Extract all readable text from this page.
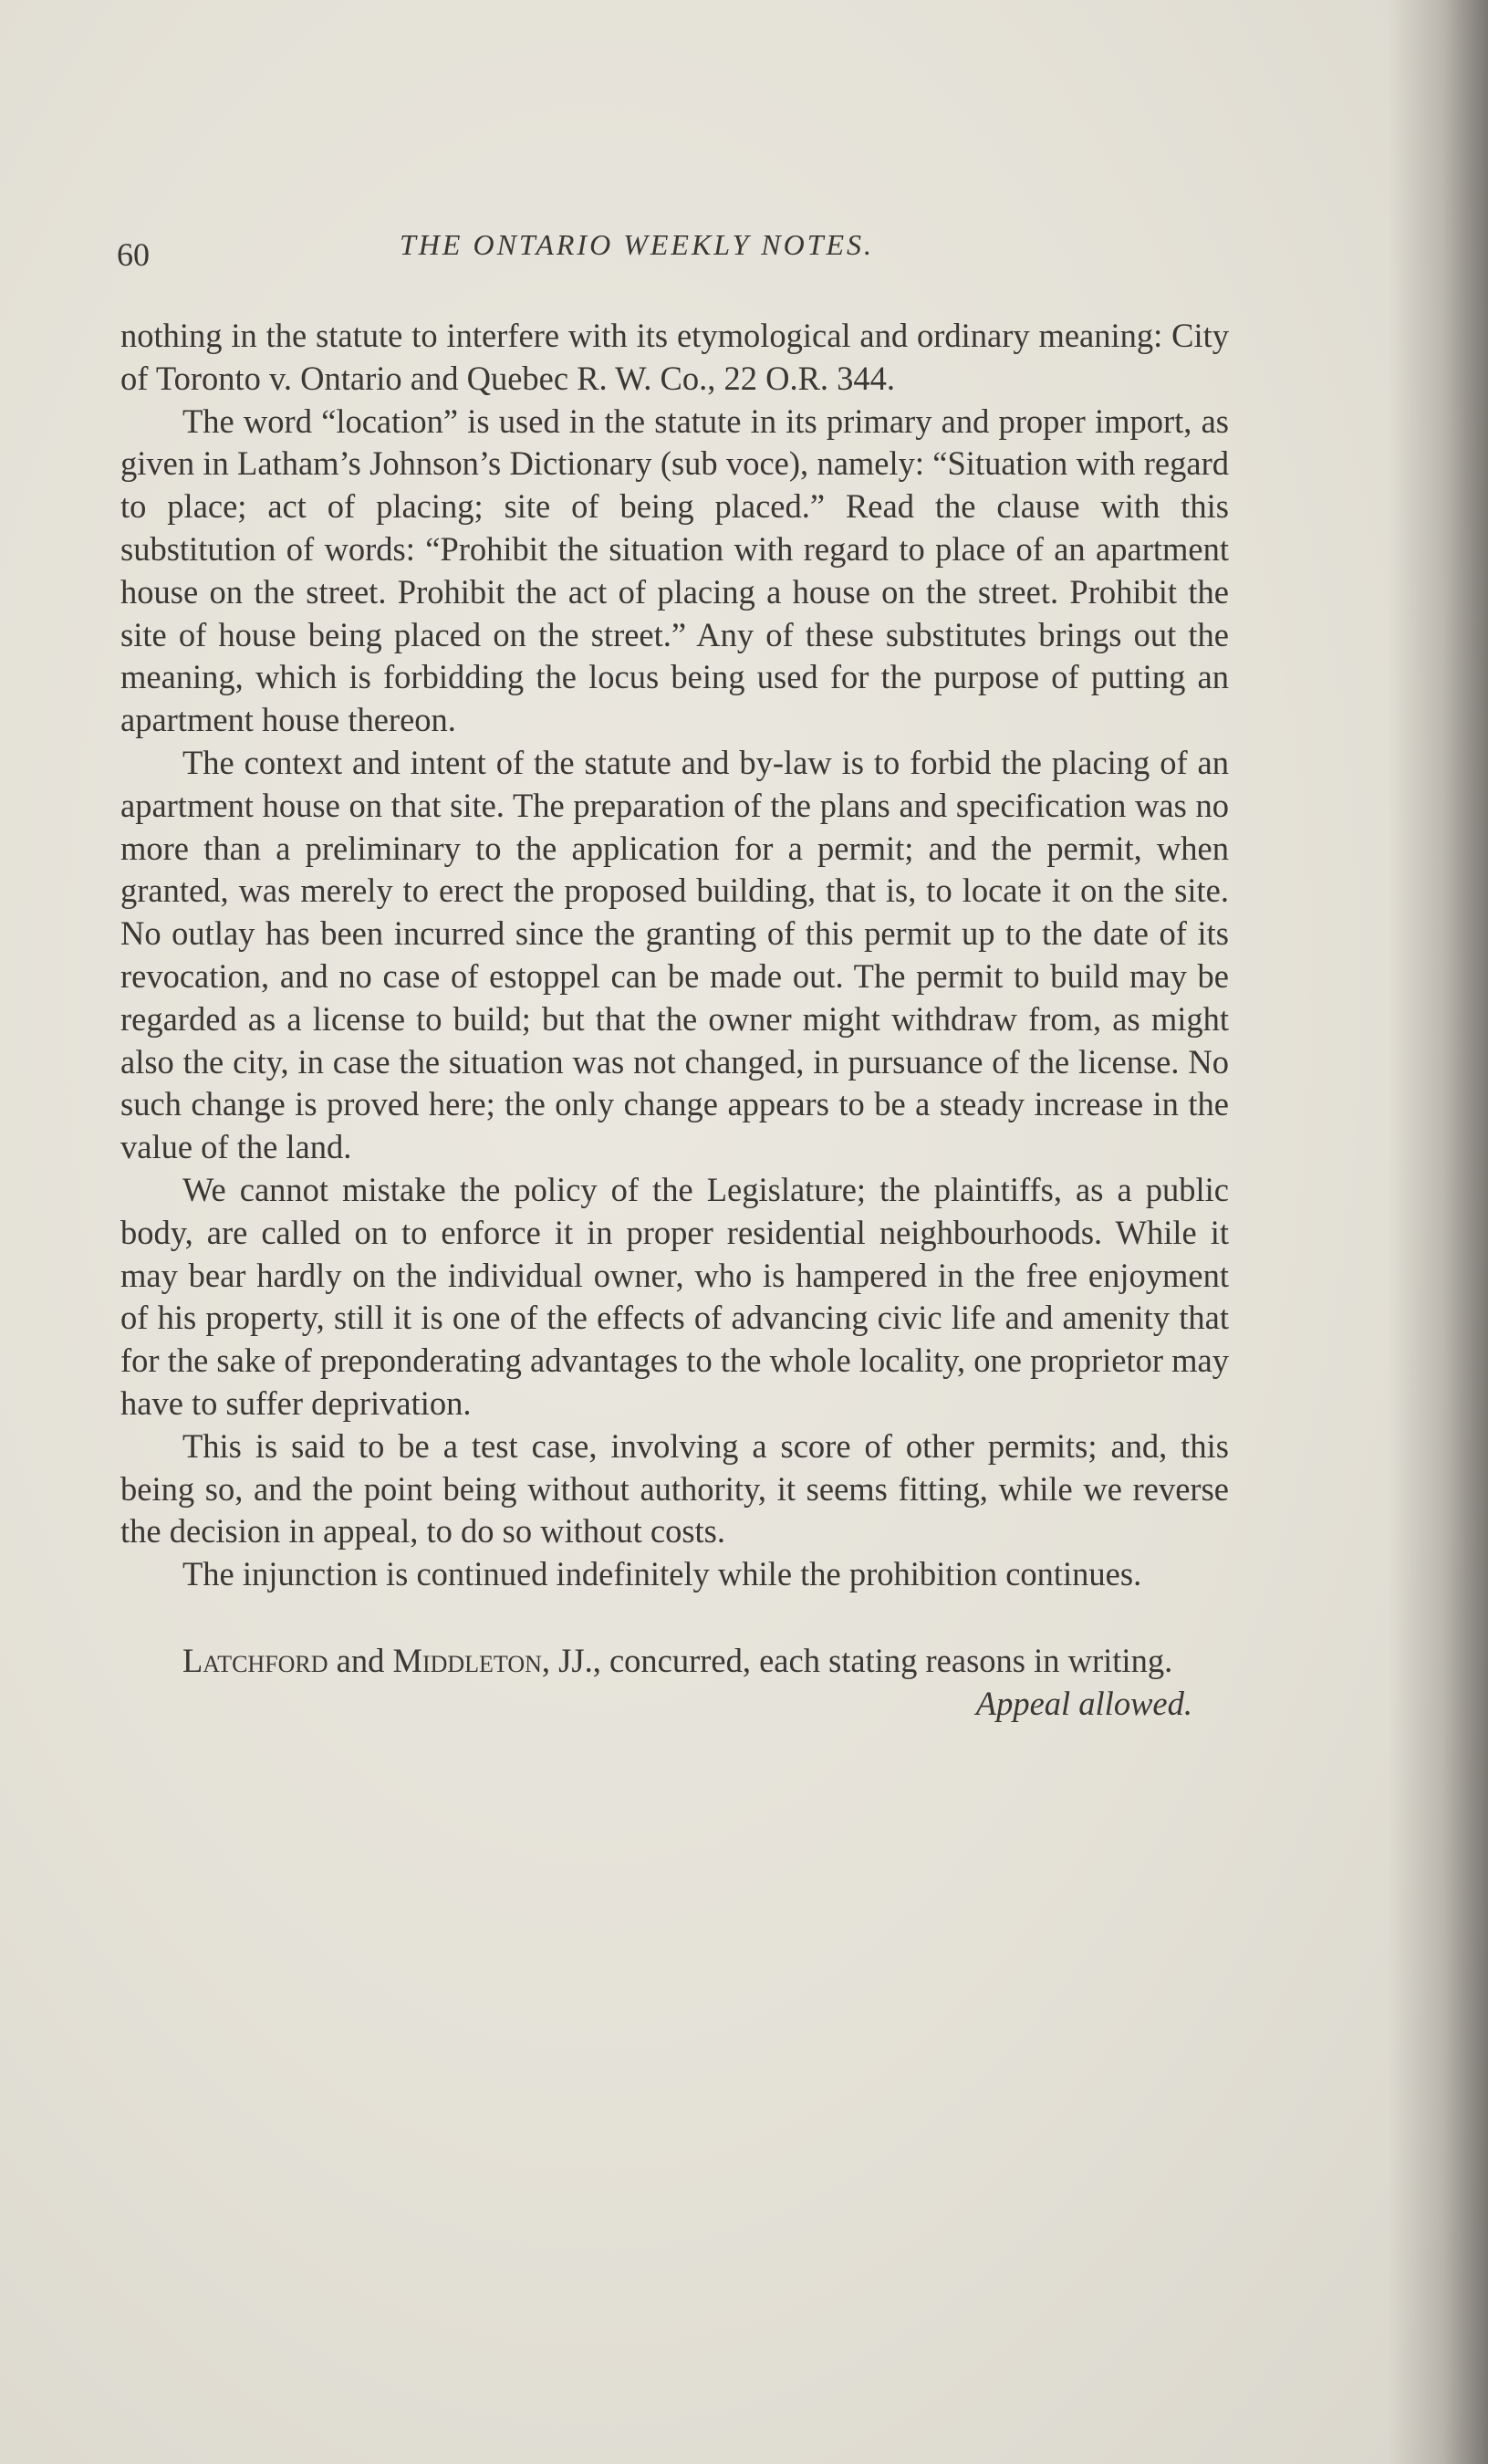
60	THE ONTARIO WEEKLY NOTES.

nothing in the statute to interfere with its etymological and ordinary meaning: City of Toronto v. Ontario and Quebec R. W. Co., 22 O.R. 344.

The word “location” is used in the statute in its primary and proper import, as given in Latham’s Johnson’s Dictionary (sub voce), namely: “Situation with regard to place; act of placing; site of being placed.” Read the clause with this substitution of words: “Prohibit the situation with regard to place of an apartment house on the street. Prohibit the act of placing a house on the street. Prohibit the site of house being placed on the street.” Any of these substitutes brings out the meaning, which is forbidding the locus being used for the purpose of putting an apartment house thereon.

The context and intent of the statute and by-law is to forbid the placing of an apartment house on that site. The preparation of the plans and specification was no more than a preliminary to the application for a permit; and the permit, when granted, was merely to erect the proposed building, that is, to locate it on the site. No outlay has been incurred since the granting of this permit up to the date of its revocation, and no case of estoppel can be made out. The permit to build may be regarded as a license to build; but that the owner might withdraw from, as might also the city, in case the situation was not changed, in pursuance of the license. No such change is proved here; the only change appears to be a steady increase in the value of the land.

We cannot mistake the policy of the Legislature; the plaintiffs, as a public body, are called on to enforce it in proper residential neighbourhoods. While it may bear hardly on the individual owner, who is hampered in the free enjoyment of his property, still it is one of the effects of advancing civic life and amenity that for the sake of preponderating advantages to the whole locality, one proprietor may have to suffer deprivation.

This is said to be a test case, involving a score of other permits; and, this being so, and the point being without authority, it seems fitting, while we reverse the decision in appeal, to do so without costs.

The injunction is continued indefinitely while the prohibition continues.

Latchford and Middleton, JJ., concurred, each stating reasons in writing.

Appeal allowed.
